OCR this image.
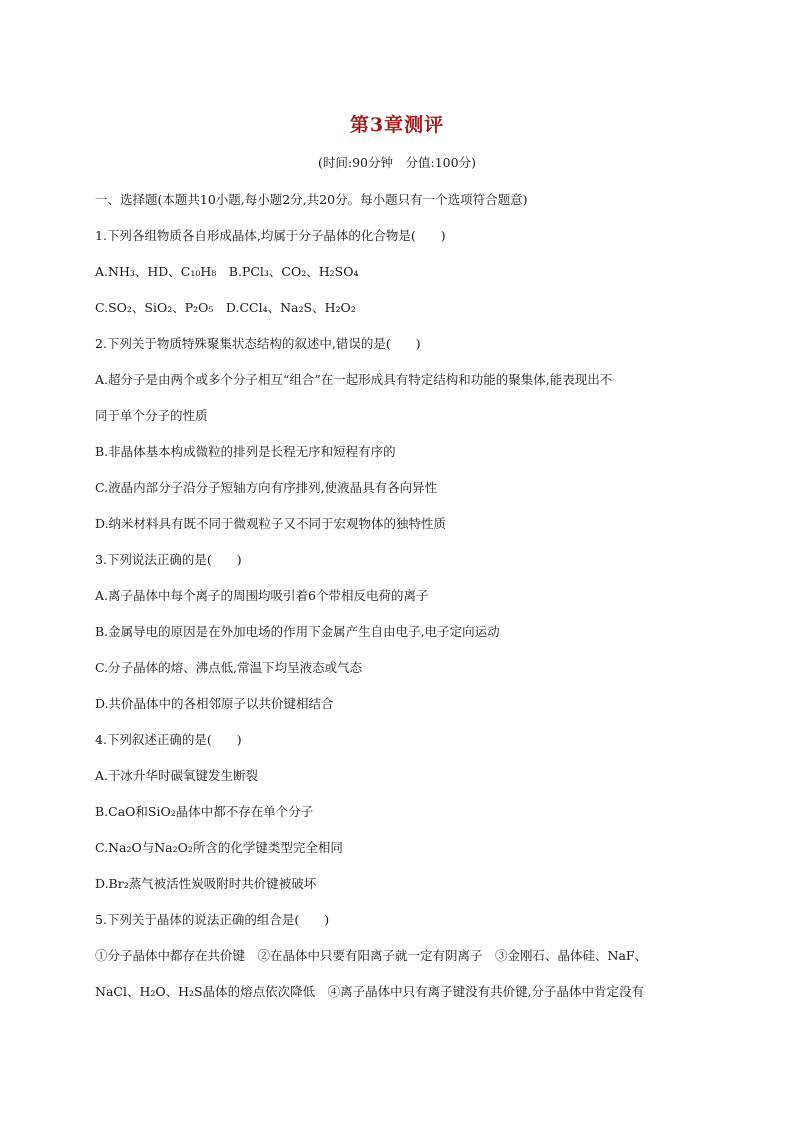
第3章测评
(时间:90分钟　分值:100分)
一、选择题(本题共10小题,每小题2分,共20分。每小题只有一个选项符合题意)
1.下列各组物质各自形成晶体,均属于分子晶体的化合物是(　　)
A.NH₃、HD、C₁₀H₈　B.PCl₃、CO₂、H₂SO₄
C.SO₂、SiO₂、P₂O₅　D.CCl₄、Na₂S、H₂O₂
2.下列关于物质特殊聚集状态结构的叙述中,错误的是(　　)
A.超分子是由两个或多个分子相互“组合”在一起形成具有特定结构和功能的聚集体,能表现出不
同于单个分子的性质
B.非晶体基本构成微粒的排列是长程无序和短程有序的
C.液晶内部分子沿分子短轴方向有序排列,使液晶具有各向异性
D.纳米材料具有既不同于微观粒子又不同于宏观物体的独特性质
3.下列说法正确的是(　　)
A.离子晶体中每个离子的周围均吸引着6个带相反电荷的离子
B.金属导电的原因是在外加电场的作用下金属产生自由电子,电子定向运动
C.分子晶体的熔、沸点低,常温下均呈液态或气态
D.共价晶体中的各相邻原子以共价键相结合
4.下列叙述正确的是(　　)
A.干冰升华时碳氧键发生断裂
B.CaO和SiO₂晶体中都不存在单个分子
C.Na₂O与Na₂O₂所含的化学键类型完全相同
D.Br₂蒸气被活性炭吸附时共价键被破坏
5.下列关于晶体的说法正确的组合是(　　)
①分子晶体中都存在共价键　②在晶体中只要有阳离子就一定有阴离子　③金刚石、晶体硅、NaF、
NaCl、H₂O、H₂S晶体的熔点依次降低　④离子晶体中只有离子键没有共价键,分子晶体中肯定没有
